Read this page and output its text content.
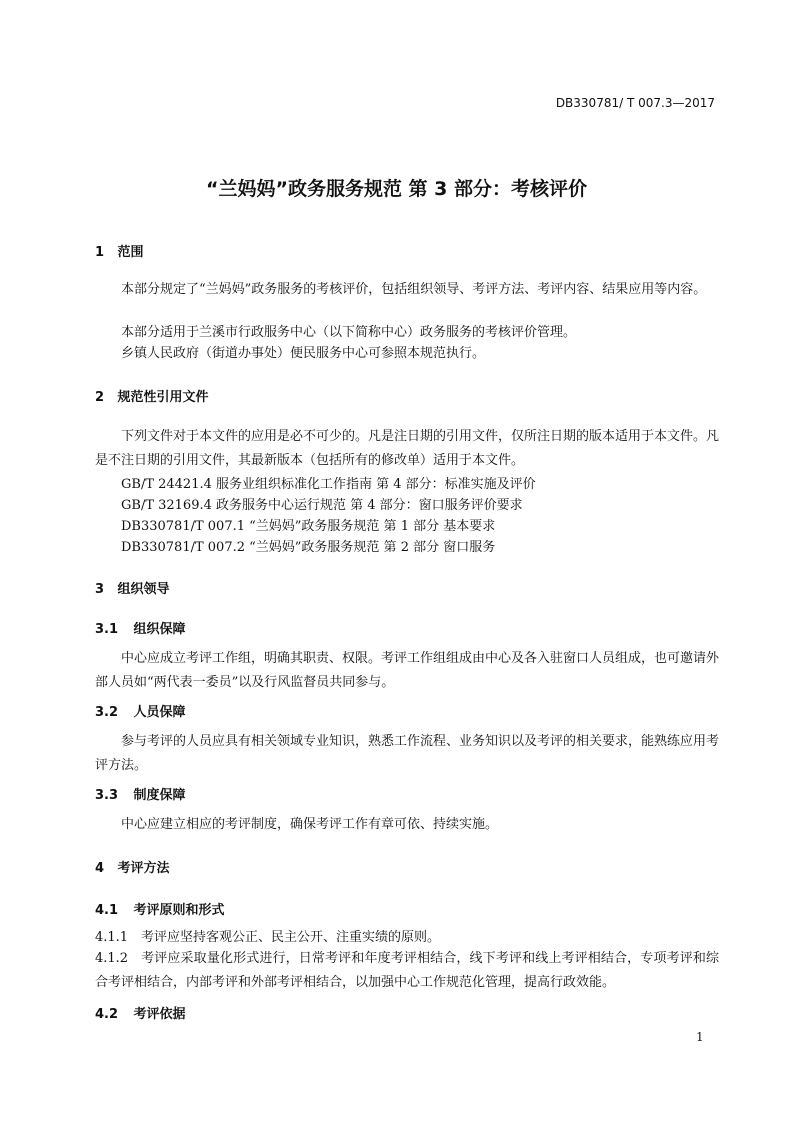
DB330781/ T 007.3—2017
“兰妈妈”政务服务规范 第 3 部分：考核评价
1 范围
本部分规定了“兰妈妈”政务服务的考核评价，包括组织领导、考评方法、考评内容、结果应用等内容。
本部分适用于兰溪市行政服务中心（以下简称中心）政务服务的考核评价管理。
乡镇人民政府（街道办事处）便民服务中心可参照本规范执行。
2 规范性引用文件
下列文件对于本文件的应用是必不可少的。凡是注日期的引用文件，仅所注日期的版本适用于本文件。凡是不注日期的引用文件，其最新版本（包括所有的修改单）适用于本文件。
GB/T 24421.4 服务业组织标准化工作指南 第 4 部分：标准实施及评价
GB/T 32169.4 政务服务中心运行规范 第 4 部分：窗口服务评价要求
DB330781/T 007.1 “兰妈妈”政务服务规范 第 1 部分 基本要求
DB330781/T 007.2 “兰妈妈”政务服务规范 第 2 部分 窗口服务
3 组织领导
3.1 组织保障
中心应成立考评工作组，明确其职责、权限。考评工作组组成由中心及各入驻窗口人员组成，也可邀请外部人员如“两代表一委员”以及行风监督员共同参与。
3.2 人员保障
参与考评的人员应具有相关领域专业知识，熟悉工作流程、业务知识以及考评的相关要求，能熟练应用考评方法。
3.3 制度保障
中心应建立相应的考评制度，确保考评工作有章可依、持续实施。
4 考评方法
4.1 考评原则和形式
4.1.1 考评应坚持客观公正、民主公开、注重实绩的原则。
4.1.2 考评应采取量化形式进行，日常考评和年度考评相结合，线下考评和线上考评相结合，专项考评和综合考评相结合，内部考评和外部考评相结合，以加强中心工作规范化管理，提高行政效能。
4.2 考评依据
1
